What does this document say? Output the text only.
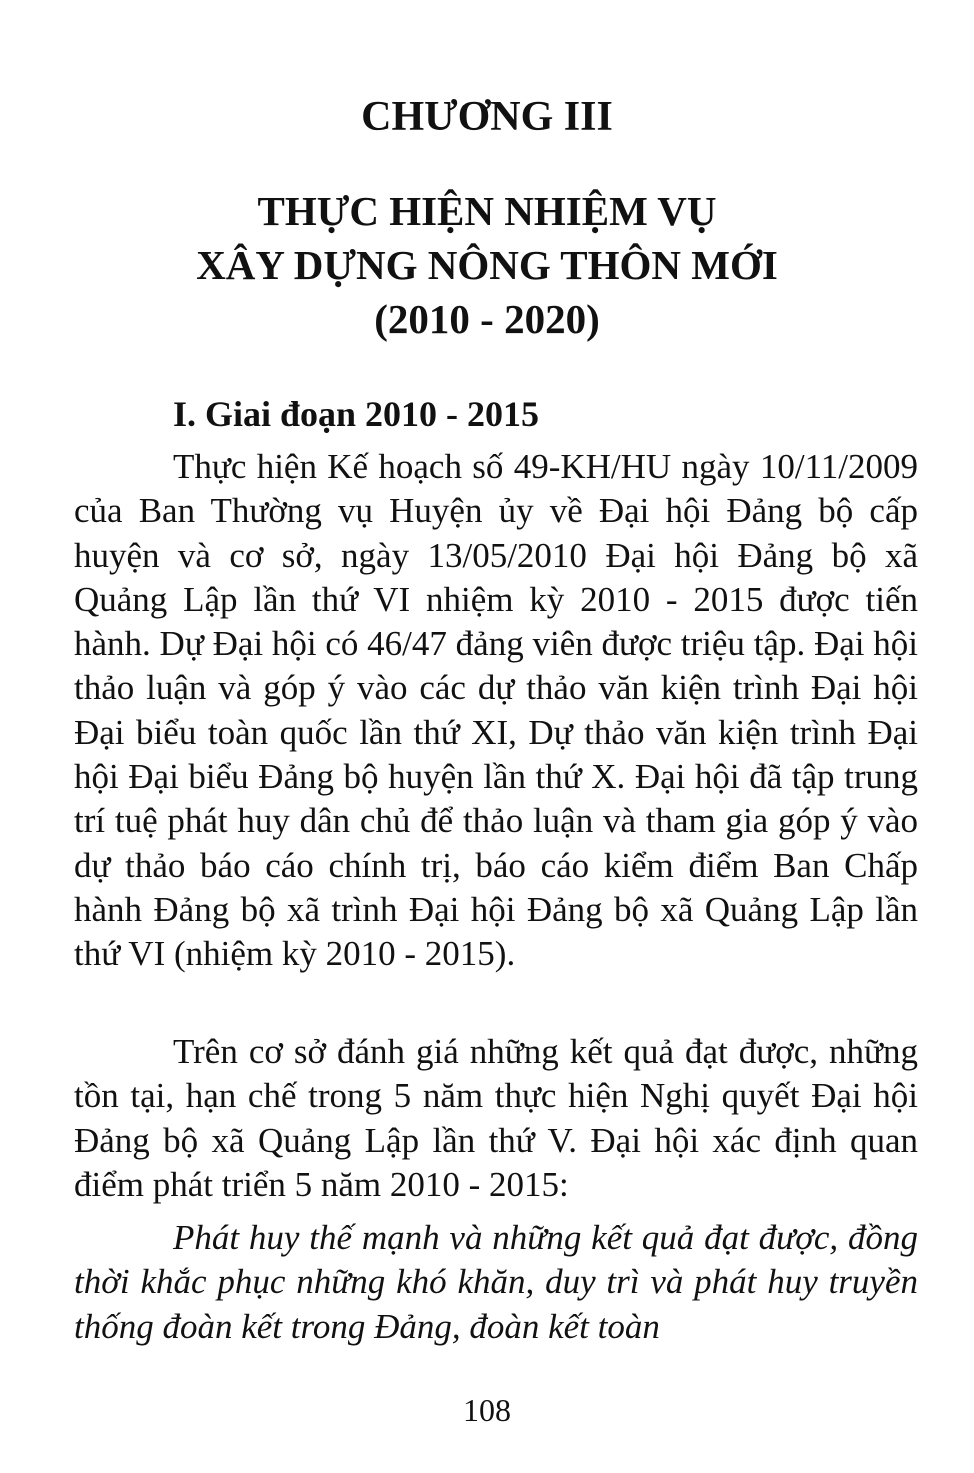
CHƯƠNG III
THỰC HIỆN NHIỆM VỤ
XÂY DỰNG NÔNG THÔN MỚI
(2010 - 2020)
I. Giai đoạn 2010 - 2015

Thực hiện Kế hoạch số 49-KH/HU ngày 10/11/2009 của Ban Thường vụ Huyện ủy về Đại hội Đảng bộ cấp huyện và cơ sở, ngày 13/05/2010 Đại hội Đảng bộ xã Quảng Lập lần thứ VI nhiệm kỳ 2010 - 2015 được tiến hành. Dự Đại hội có 46/47 đảng viên được triệu tập. Đại hội thảo luận và góp ý vào các dự thảo văn kiện trình Đại hội Đại biểu toàn quốc lần thứ XI, Dự thảo văn kiện trình Đại hội Đại biểu Đảng bộ huyện lần thứ X. Đại hội đã tập trung trí tuệ phát huy dân chủ để thảo luận và tham gia góp ý vào dự thảo báo cáo chính trị, báo cáo kiểm điểm Ban Chấp hành Đảng bộ xã trình Đại hội Đảng bộ xã Quảng Lập lần thứ VI (nhiệm kỳ 2010 - 2015).

Trên cơ sở đánh giá những kết quả đạt được, những tồn tại, hạn chế trong 5 năm thực hiện Nghị quyết Đại hội Đảng bộ xã Quảng Lập lần thứ V. Đại hội xác định quan điểm phát triển 5 năm 2010 - 2015:

Phát huy thế mạnh và những kết quả đạt được, đồng thời khắc phục những khó khăn, duy trì và phát huy truyền thống đoàn kết trong Đảng, đoàn kết toàn

108
